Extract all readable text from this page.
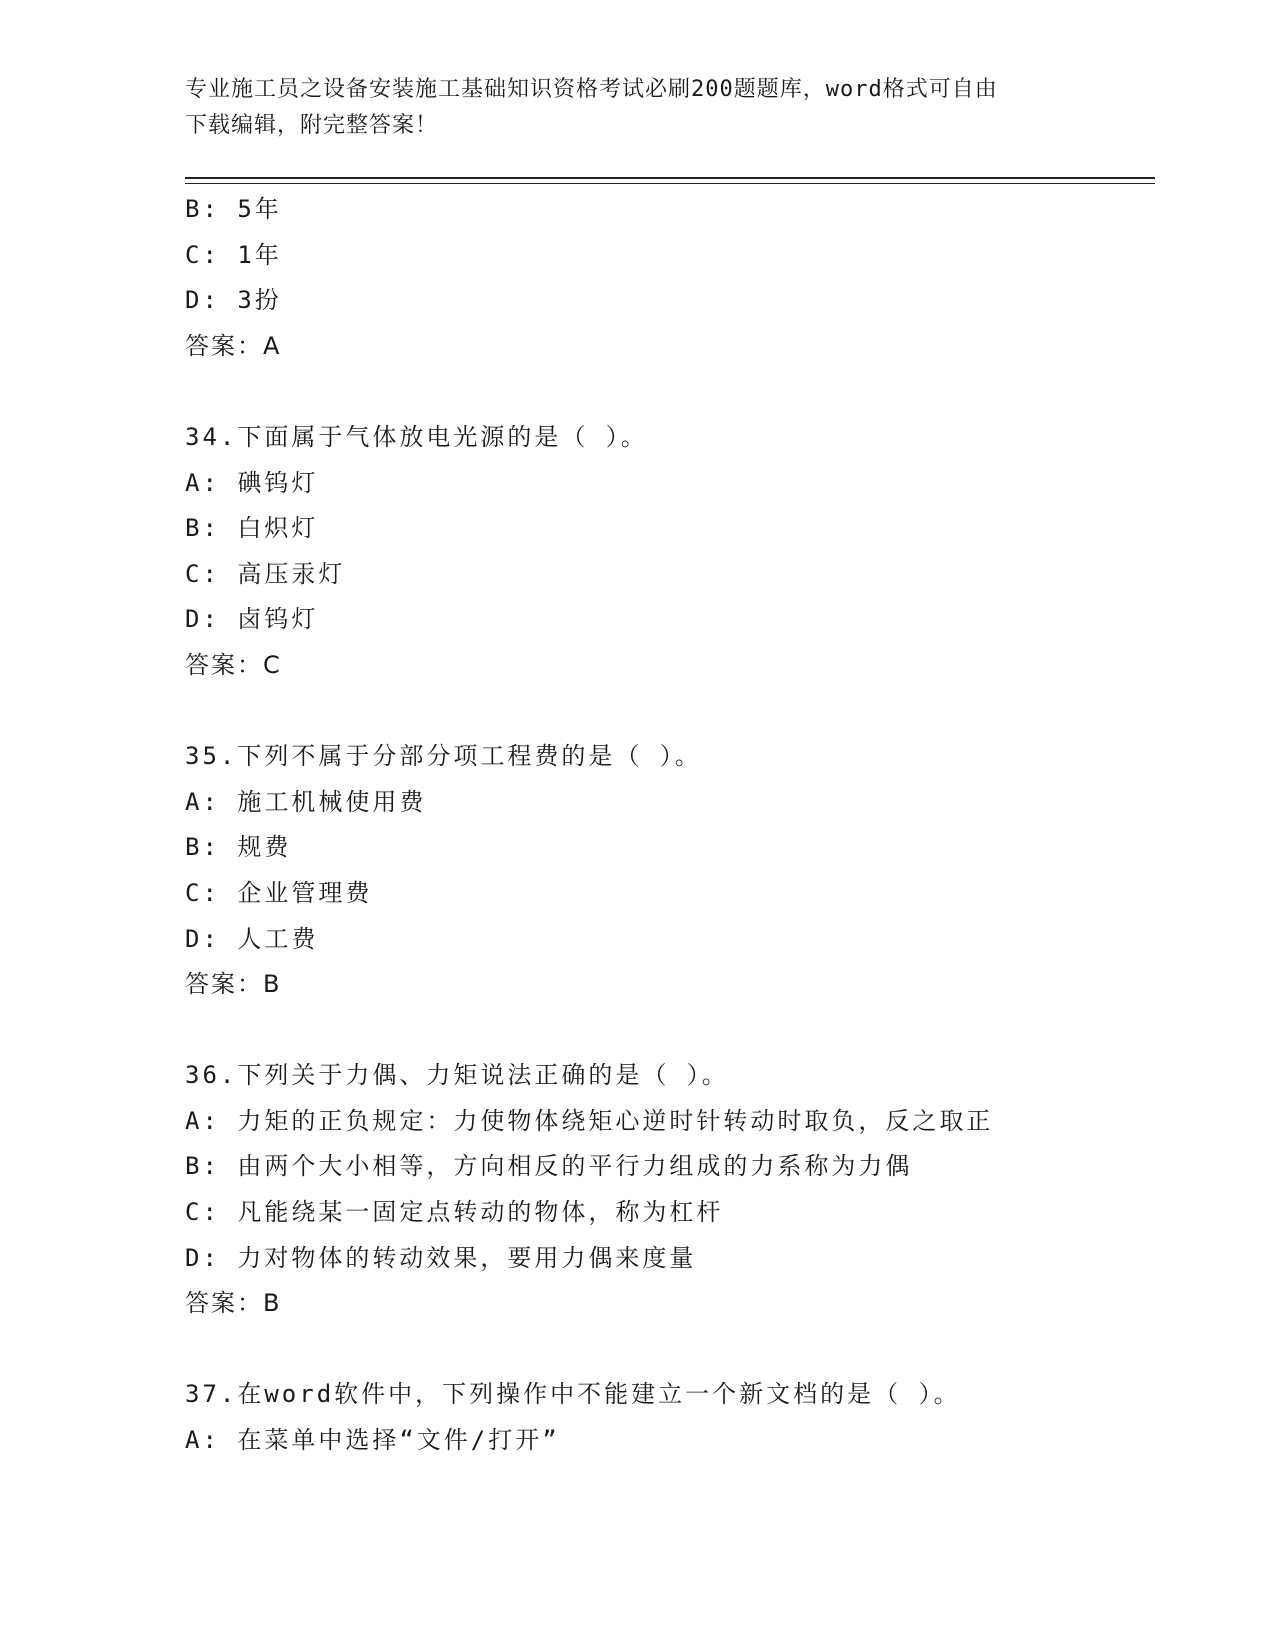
专业施工员之设备安装施工基础知识资格考试必刷200题题库，word格式可自由
下载编辑，附完整答案！
B: 5年
C: 1年
D: 3扮
答案：A
34.下面属于气体放电光源的是（ ）。
A: 碘钨灯
B: 白炽灯
C: 高压汞灯
D: 卤钨灯
答案：C
35.下列不属于分部分项工程费的是（ ）。
A: 施工机械使用费
B: 规费
C: 企业管理费
D: 人工费
答案：B
36.下列关于力偶、力矩说法正确的是（ ）。
A: 力矩的正负规定：力使物体绕矩心逆时针转动时取负，反之取正
B: 由两个大小相等，方向相反的平行力组成的力系称为力偶
C: 凡能绕某一固定点转动的物体，称为杠杆
D: 力对物体的转动效果，要用力偶来度量
答案：B
37.在word软件中，下列操作中不能建立一个新文档的是（ ）。
A: 在菜单中选择“文件/打开”
